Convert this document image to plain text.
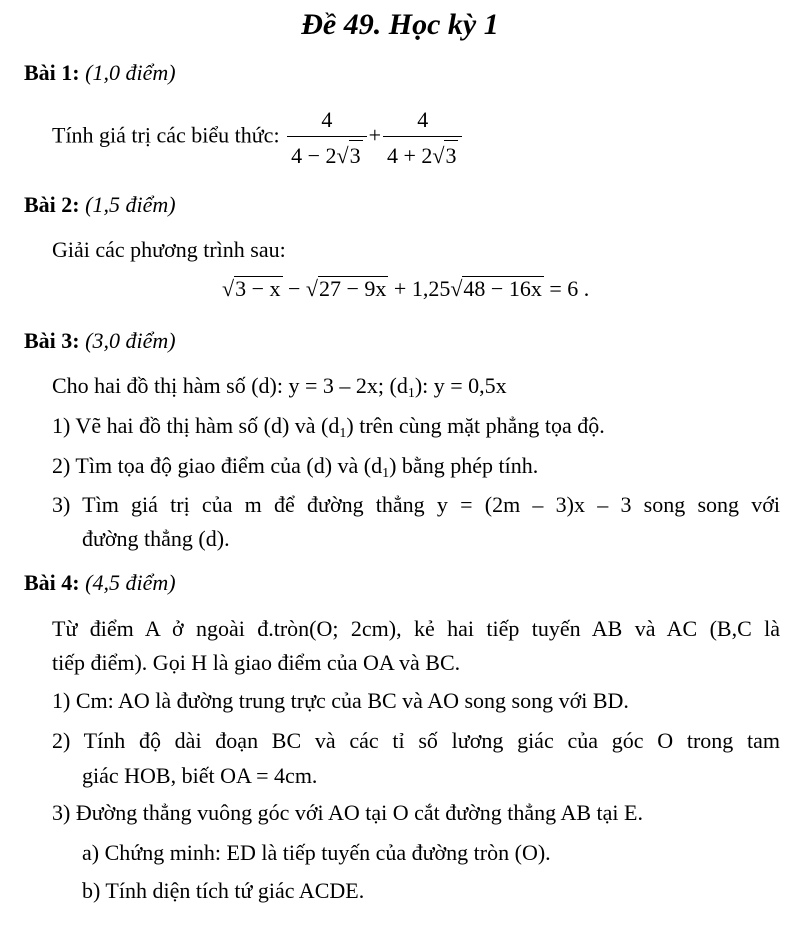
Đề 49. Học kỳ 1
Bài 1: (1,0 điểm)
Tính giá trị các biểu thức: $\frac{4}{4 - 2√3} + \frac{4}{4 + 2√3}$
Bài 2: (1,5 điểm)
Giải các phương trình sau:
√3 − x − √27 − 9x + 1,25√48 − 16x = 6 .
Bài 3: (3,0 điểm)
Cho hai đồ thị hàm số (d): y = 3 – 2x; $(d_1)$: y = 0,5x
1) Vẽ hai đồ thị hàm số (d) và $(d_1)$ trên cùng mặt phẳng tọa độ.
2) Tìm tọa độ giao điểm của (d) và $(d_1)$ bằng phép tính.
3) Tìm giá trị của m để đường thẳng y = (2m – 3)x – 3 song song với
đường thẳng (d).
Bài 4: (4,5 điểm)
Từ điểm A ở ngoài đ.tròn(O; 2cm), kẻ hai tiếp tuyến AB và AC (B,C là
tiếp điểm). Gọi H là giao điểm của OA và BC.
1) Cm: AO là đường trung trực của BC và AO song song với BD.
2) Tính độ dài đoạn BC và các tỉ số lương giác của góc O trong tam
giác HOB, biết OA = 4cm.
3) Đường thẳng vuông góc với AO tại O cắt đường thẳng AB tại E.
a) Chứng minh: ED là tiếp tuyến của đường tròn (O).
b) Tính diện tích tứ giác ACDE.
